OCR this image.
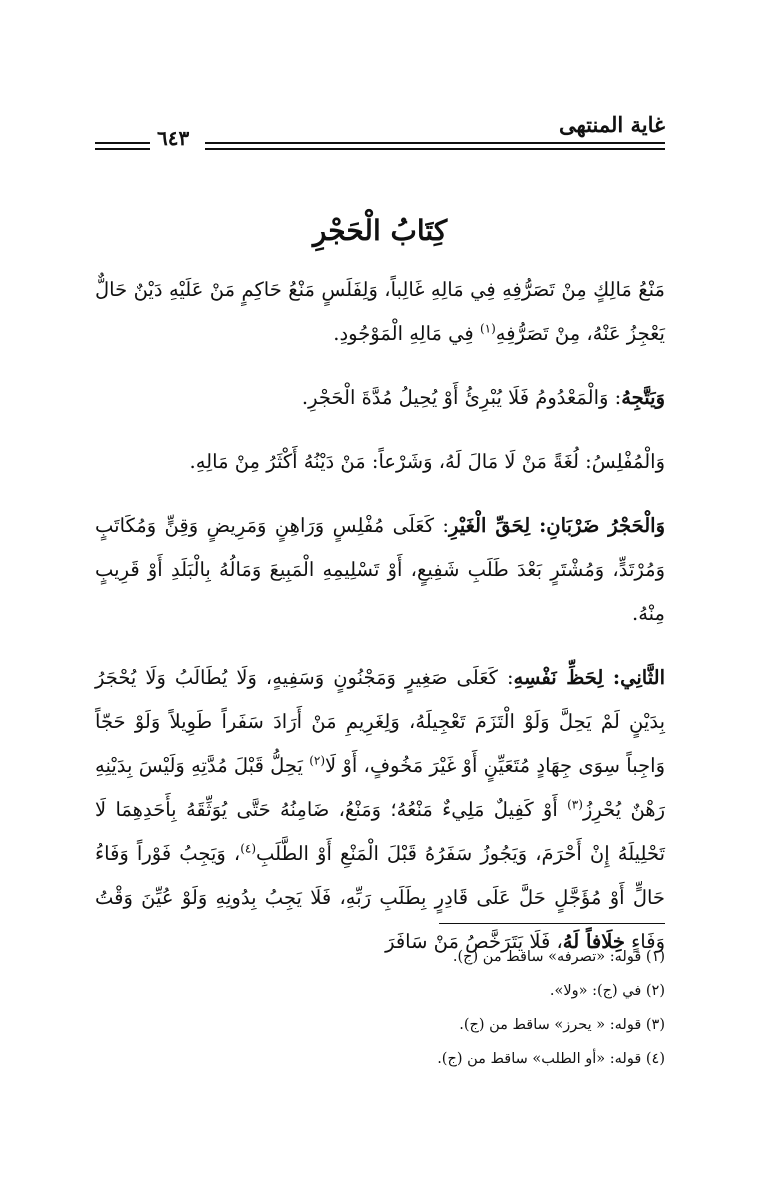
غاية المنتهى
٦٤٣
كِتَابُ الْحَجْرِ

مَنْعُ مَالِكٍ مِنْ تَصَرُّفِهِ فِي مَالِهِ غَالِباً، وَلِفَلَسٍ مَنْعُ حَاكِمٍ مَنْ عَلَيْهِ دَيْنٌ حَالٌّ يَعْجِزُ عَنْهُ، مِنْ تَصَرُّفِهِ$^{(١)}$ فِي مَالِهِ الْمَوْجُودِ.

وَيَتَّجِهُ: وَالْمَعْدُومُ فَلَا يُبْرِئُ أَوْ يُحِيلُ مُدَّةَ الْحَجْرِ.

وَالْمُفْلِسُ: لُغَةً مَنْ لَا مَالَ لَهُ، وَشَرْعاً: مَنْ دَيْنُهُ أَكْثَرُ مِنْ مَالِهِ.

وَالْحَجْرُ ضَرْبَانِ: لِحَقِّ الْغَيْرِ: كَعَلَى مُفْلِسٍ وَرَاهِنٍ وَمَرِيضٍ وَقِنٍّ وَمُكَاتَبٍ وَمُرْتَدٍّ، وَمُشْتَرٍ بَعْدَ طَلَبِ شَفِيعٍ، أَوْ تَسْلِيمِهِ الْمَبِيعَ وَمَالُهُ بِالْبَلَدِ أَوْ قَرِيبٍ مِنْهُ.

الثَّانِي: لِحَظِّ نَفْسِهِ: كَعَلَى صَغِيرٍ وَمَجْنُونٍ وَسَفِيهٍ، وَلَا يُطَالَبُ وَلَا يُحْجَرُ بِدَيْنٍ لَمْ يَحِلَّ وَلَوْ الْتَزَمَ تَعْجِيلَهُ، وَلِغَرِيمِ مَنْ أَرَادَ سَفَراً طَوِيلاً وَلَوْ حَجّاً وَاجِباً سِوَى جِهَادٍ مُتَعَيِّنٍ أَوْ غَيْرَ مَخُوفٍ، أَوْ لَا$^{(٢)}$ يَحِلُّ قَبْلَ مُدَّتِهِ وَلَيْسَ بِدَيْنِهِ رَهْنٌ يُحْرِزُ$^{(٣)}$ أَوْ كَفِيلٌ مَلِيءٌ مَنْعُهُ؛ وَمَنْعُ، ضَامِنُهُ حَتَّى يُوَثِّقَهُ بِأَحَدِهِمَا لَا تَحْلِيلَهُ إِنْ أَحْرَمَ، وَيَجُوزُ سَفَرُهُ قَبْلَ الْمَنْعِ أَوْ الطَّلَبِ$^{(٤)}$، وَيَجِبُ فَوْراً وَفَاءُ حَالٍّ أَوْ مُؤَجَّلٍ حَلَّ عَلَى قَادِرٍ بِطَلَبِ رَبِّهِ، فَلَا يَجِبُ بِدُونِهِ وَلَوْ عُيِّنَ وَقْتُ وَفَاءٍ خِلَافاً لَهُ، فَلَا يَتَرَخَّصُ مَنْ سَافَرَ

(١) قوله: «تصرفه» ساقط من (ج).
(٢) في (ج): «ولا».
(٣) قوله: « يحرز» ساقط من (ج).
(٤) قوله: «أو الطلب» ساقط من (ج).
